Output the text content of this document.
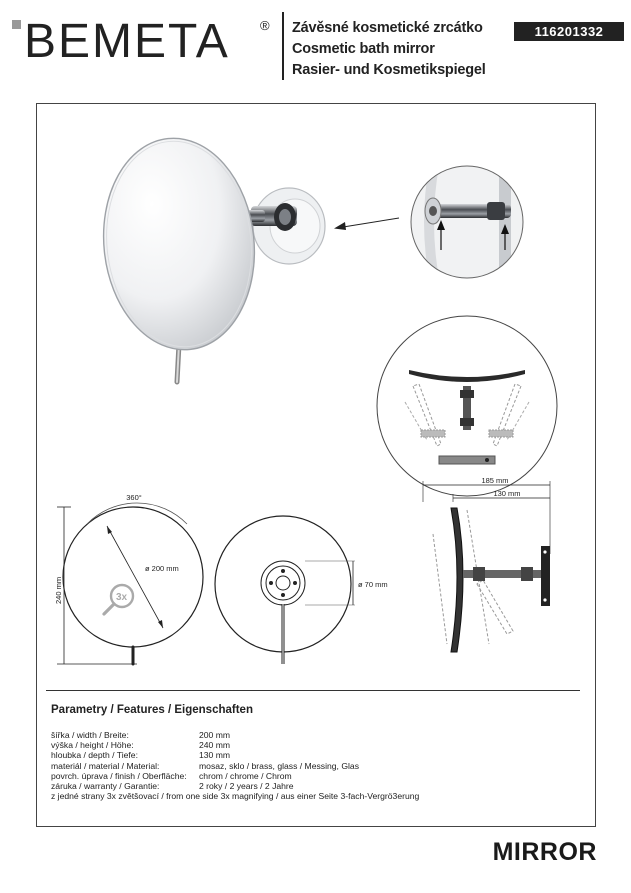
BEMETA ® Závěsné kosmetické zrcátko
Cosmetic bath mirror
Rasier- und Kosmetikspiegel
116201332
360°
ø 200 mm
240 mm	3x
ø 70 mm
185 mm
130 mm
Parametry / Features / Eigenschaften
šířka / width / Breite:	200 mm
výška / height / Höhe:	240 mm
hloubka / depth / Tiefe:	130 mm
materiál / material / Material:	mosaz, sklo / brass, glass / Messing, Glas
povrch. úprava / finish / Oberfläche: chrom / chrome / Chrom
záruka / warranty / Garantie:	2 roky / 2 years / 2 Jahre
z jedné strany 3x zvětšovací / from one side 3x magnifying / aus einer Seite 3-fach-Vergrö3erung
MIRROR
